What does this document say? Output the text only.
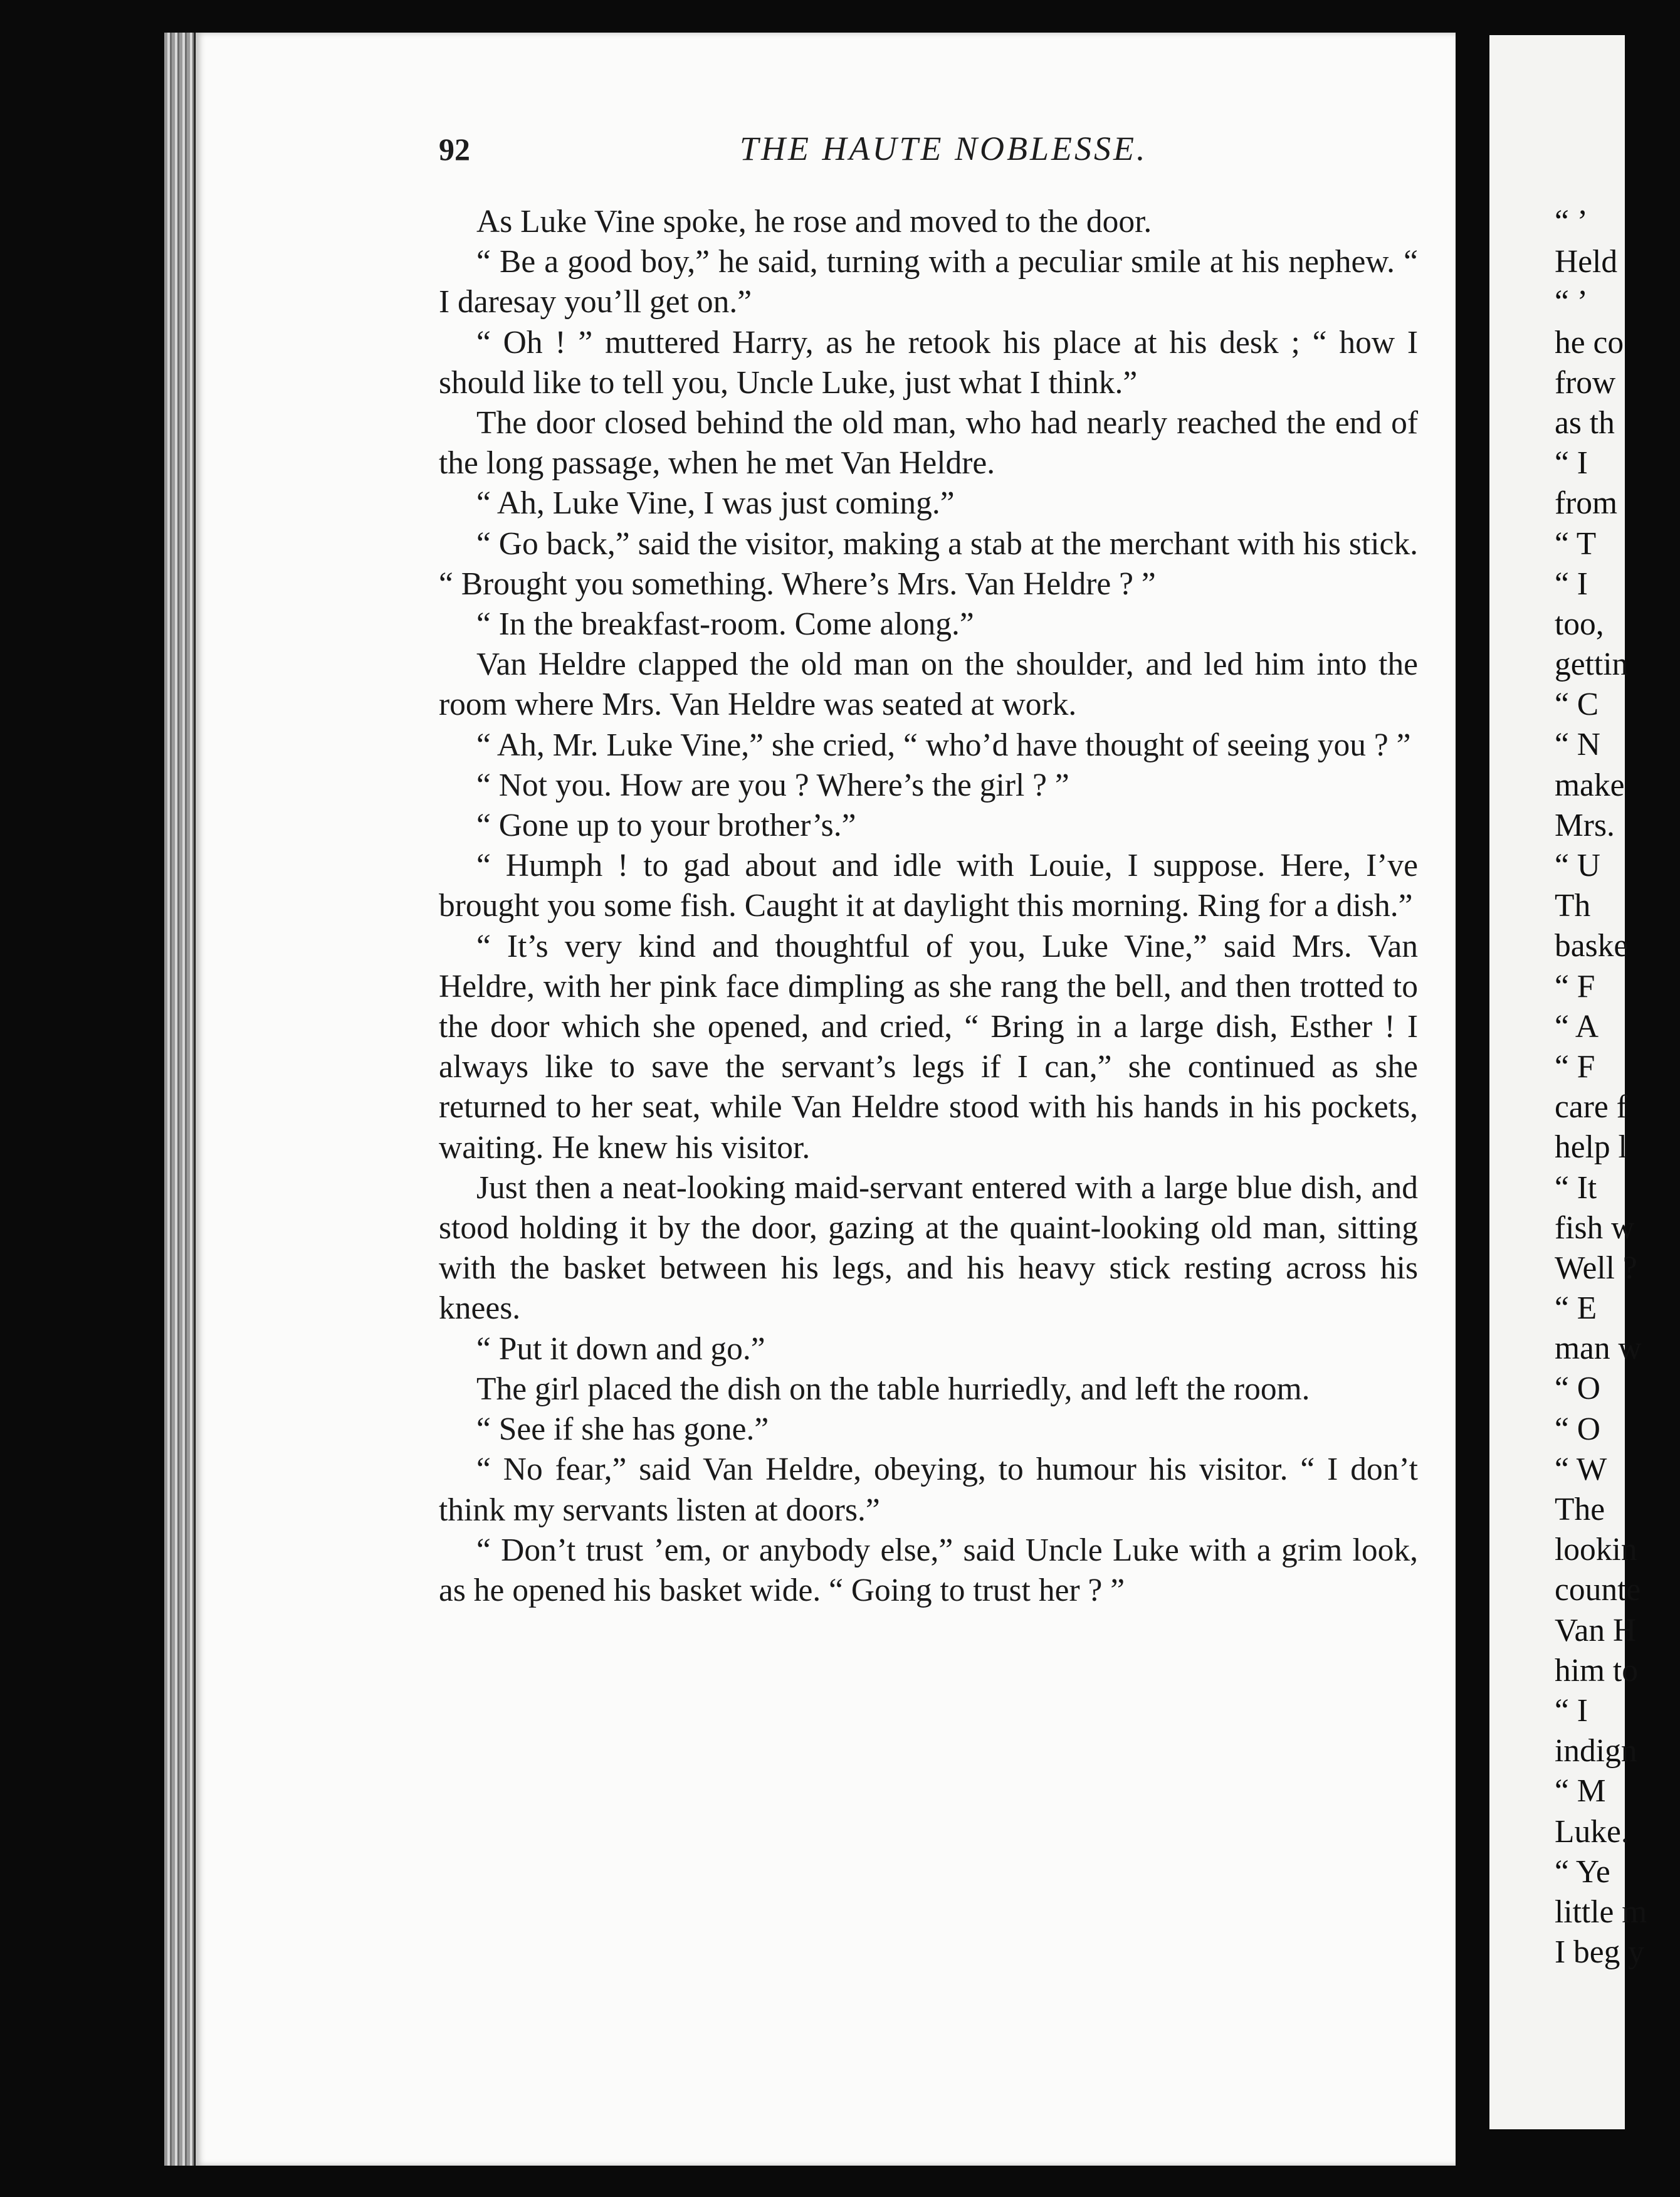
92	THE HAUTE NOBLESSE.

As Luke Vine spoke, he rose and moved to the door.

“ Be a good boy,” he said, turning with a peculiar smile at his nephew. “ I daresay you’ll get on.”

“ Oh ! ” muttered Harry, as he retook his place at his desk ; “ how I should like to tell you, Uncle Luke, just what I think.”

The door closed behind the old man, who had nearly reached the end of the long passage, when he met Van Heldre.

“ Ah, Luke Vine, I was just coming.”

“ Go back,” said the visitor, making a stab at the merchant with his stick. “ Brought you something. Where’s Mrs. Van Heldre ? ”

“ In the breakfast-room. Come along.”

Van Heldre clapped the old man on the shoulder, and led him into the room where Mrs. Van Heldre was seated at work.

“ Ah, Mr. Luke Vine,” she cried, “ who’d have thought of seeing you ? ”

“ Not you. How are you ? Where’s the girl ? ”

“ Gone up to your brother’s.”

“ Humph ! to gad about and idle with Louie, I suppose. Here, I’ve brought you some fish. Caught it at daylight this morning. Ring for a dish.”

“ It’s very kind and thoughtful of you, Luke Vine,” said Mrs. Van Heldre, with her pink face dimpling as she rang the bell, and then trotted to the door which she opened, and cried, “ Bring in a large dish, Esther ! I always like to save the servant’s legs if I can,” she continued as she returned to her seat, while Van Heldre stood with his hands in his pockets, waiting. He knew his visitor.

Just then a neat-looking maid-servant entered with a large blue dish, and stood holding it by the door, gazing at the quaint-looking old man, sitting with the basket between his legs, and his heavy stick resting across his knees.

“ Put it down and go.”

The girl placed the dish on the table hurriedly, and left the room.

“ See if she has gone.”

“ No fear,” said Van Heldre, obeying, to humour his visitor. “ I don’t think my servants listen at doors.”

“ Don’t trust ’em, or anybody else,” said Uncle Luke with a grim look, as he opened his basket wide. “ Going to trust her ? ”

“ ’
Held
“ ’
he co
frow
as th
“ I
from
“ T
“ I
too,
gettin
“ C
“ N
make
Mrs.
“ U
Th
baske
“ F
“ A
“ F
care f
help l
“ It
fish w
Well ?
“ E
man w
“ O
“ O
“ W
The
lookin
counte
Van H
him to
“ I
indign
“ M
Luke.
“ Ye
little m
I beg y
